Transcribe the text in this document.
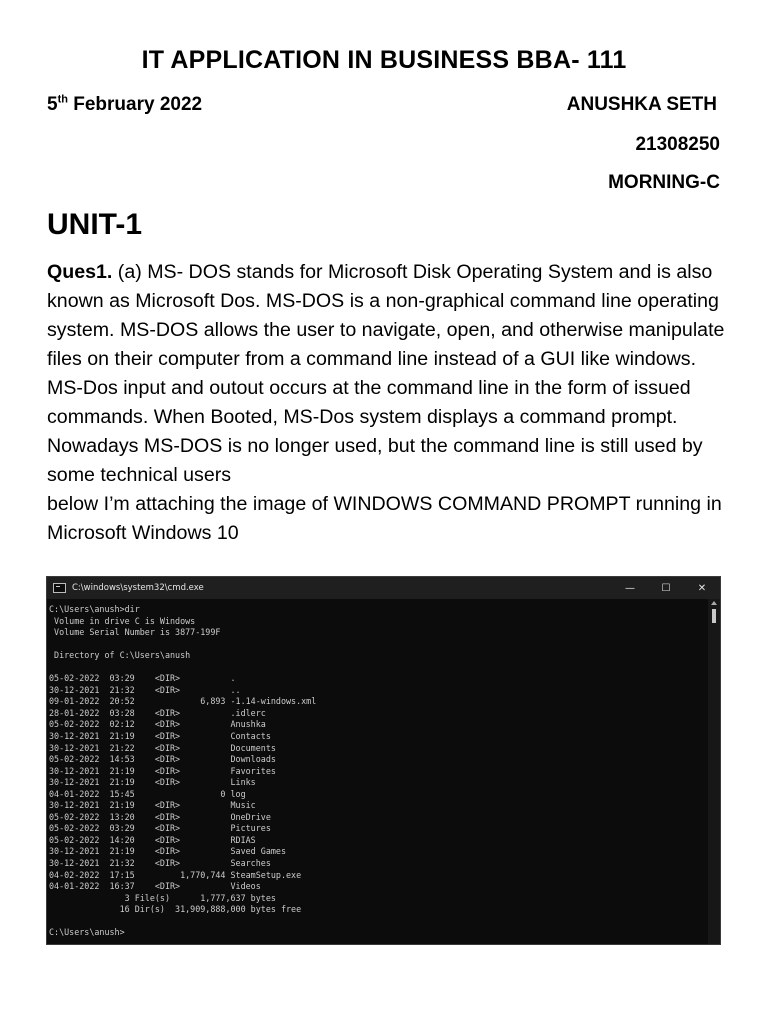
IT APPLICATION IN BUSINESS BBA- 111
5th February 2022	ANUSHKA SETH
21308250
MORNING-C
UNIT-1

Ques1. (a) MS- DOS stands for Microsoft Disk Operating System and is also known as Microsoft Dos. MS-DOS is a non-graphical command line operating system. MS-DOS allows the user to navigate, open, and otherwise manipulate files on their computer from a command line instead of a GUI like windows. MS-Dos input and outout occurs at the command line in the form of issued commands. When Booted, MS-Dos system displays a command prompt.

Nowadays MS-DOS is no longer used, but the command line is still used by some technical users

below I’m attaching the image of WINDOWS COMMAND PROMPT running in Microsoft Windows 10

C:\windows\system32\cmd.exe	—	☐	✕
C:\Users\anush>dir
Volume in drive C is Windows
Volume Serial Number is 3877-199F

Directory of C:\Users\anush

05-02-2022  03:29    <DIR>          .
30-12-2021  21:32    <DIR>          ..
09-01-2022  20:52             6,893 -1.14-windows.xml
28-01-2022  03:28    <DIR>          .idlerc
05-02-2022  02:12    <DIR>          Anushka
30-12-2021  21:19    <DIR>          Contacts
30-12-2021  21:22    <DIR>          Documents
05-02-2022  14:53    <DIR>          Downloads
30-12-2021  21:19    <DIR>          Favorites
30-12-2021  21:19    <DIR>          Links
04-01-2022  15:45                 0 log
30-12-2021  21:19    <DIR>          Music
05-02-2022  13:20    <DIR>          OneDrive
05-02-2022  03:29    <DIR>          Pictures
05-02-2022  14:20    <DIR>          RDIAS
30-12-2021  21:19    <DIR>          Saved Games
30-12-2021  21:32    <DIR>          Searches
04-02-2022  17:15         1,770,744 SteamSetup.exe
04-01-2022  16:37    <DIR>          Videos
3 File(s)      1,777,637 bytes
16 Dir(s)  31,909,888,000 bytes free

C:\Users\anush>
